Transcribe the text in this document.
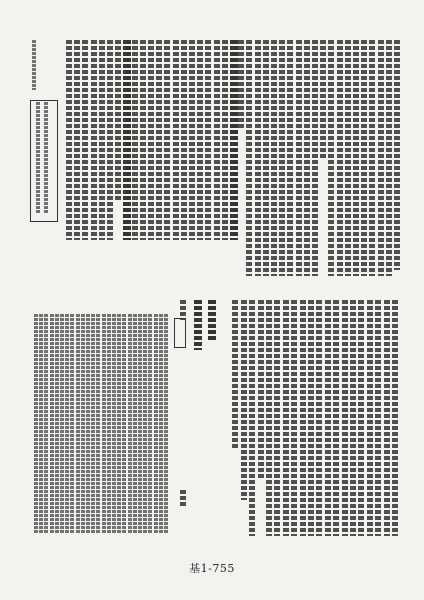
基1-755
